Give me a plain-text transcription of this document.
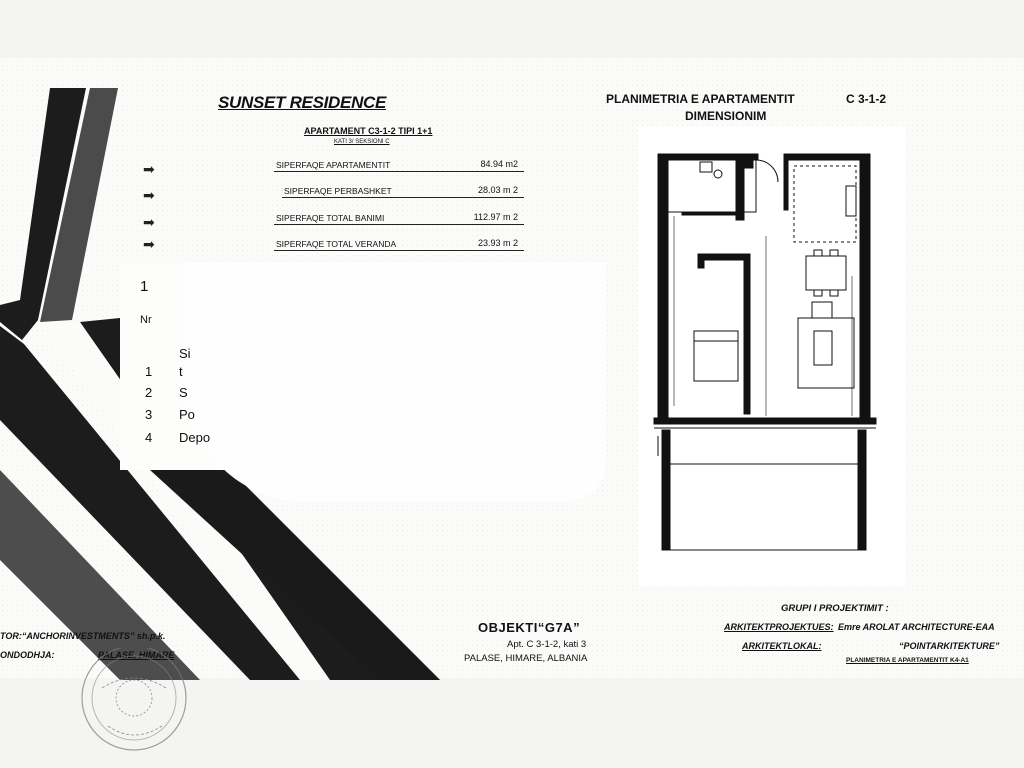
SUNSET RESIDENCE
APARTAMENT C3-1-2 TIPI 1+1
KATI 3/ SEKSIONI C
➡
➡
➡
➡
SIPERFAQE APARTAMENTIT	84.94 m2
SIPERFAQE PERBASHKET	28.03 m 2
SIPERFAQE TOTAL BANIMI	112.97 m 2
SIPERFAQE TOTAL VERANDA	23.93 m 2
1
Nr
Si
1 t
2 S
3 Po
4 Depo
PLANIMETRIA E APARTAMENTIT	C 3-1-2
DIMENSIONIM
OBJEKTI“G7A”
Apt. C 3-1-2, kati 3
PALASE, HIMARE, ALBANIA
GRUPI I PROJEKTIMIT :
ARKITEKTPROJEKTUES: Emre AROLAT ARCHITECTURE-EAA
ARKITEKTLOKAL:	“POINTARKITEKTURE”
PLANIMETRIA E APARTAMENTIT K4-A1
TOR:“ANCHORINVESTMENTS” sh.p.k.
ONDODHJA:	PALASE, HIMARE
